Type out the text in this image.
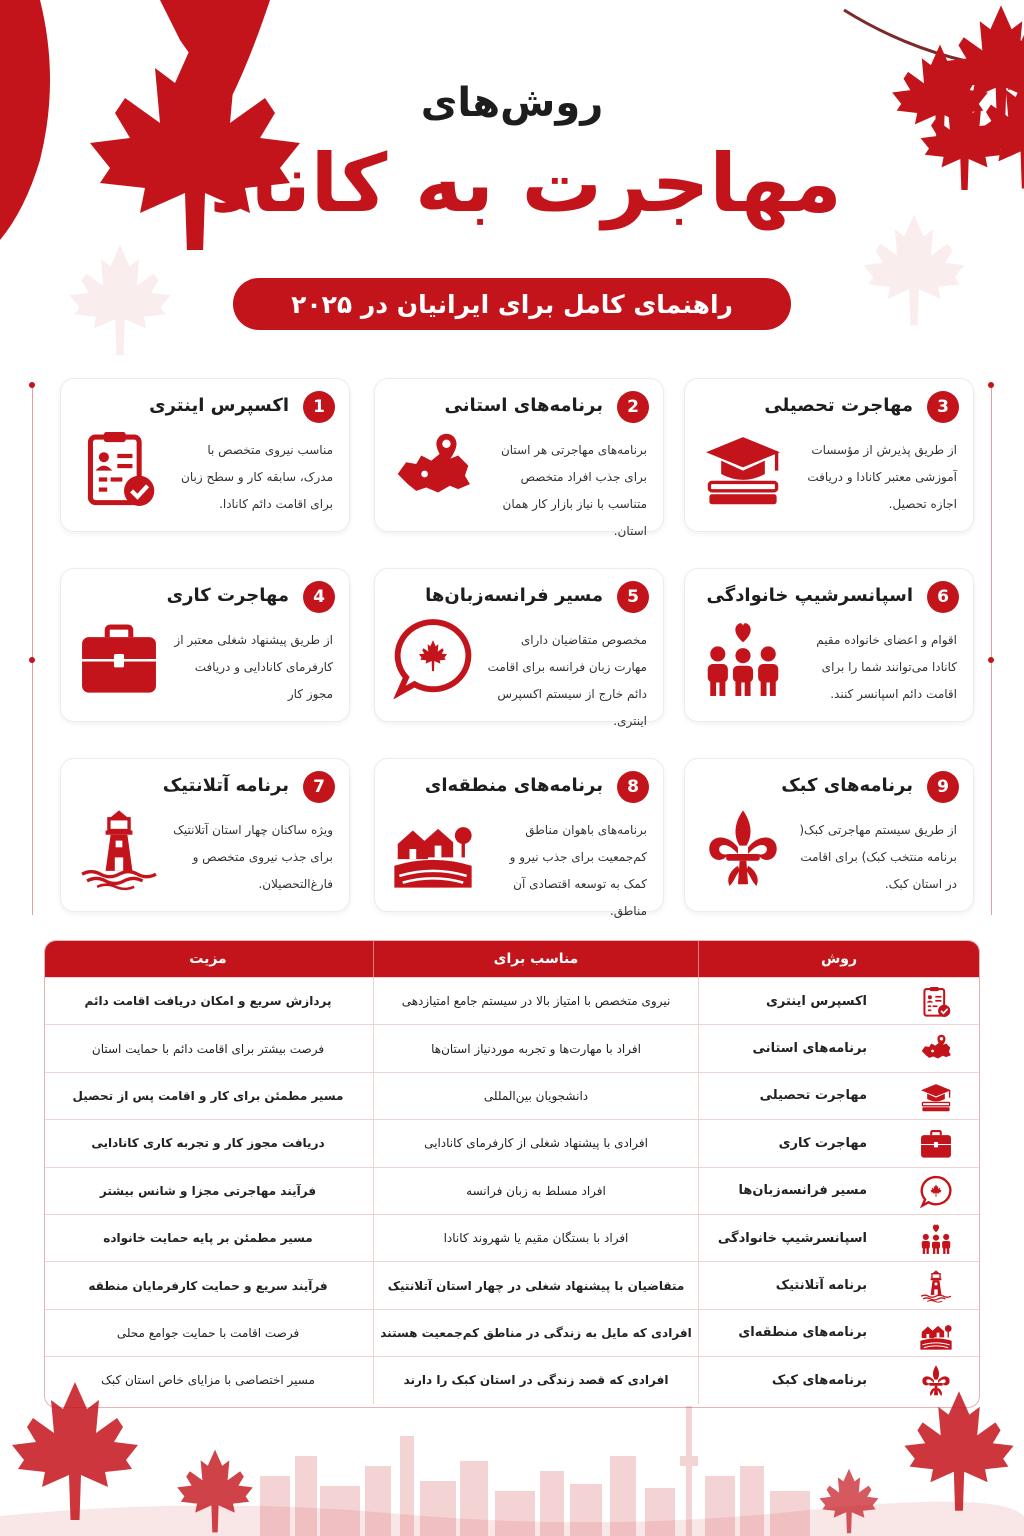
روش‌های
مهاجرت به کانادا
راهنمای کامل برای ایرانیان در ۲۰۲۵
1
اکسپرس اینتری
مناسب نیروی متخصص با مدرک، سابقه کار و سطح زبان برای اقامت دائم کانادا.
2
برنامه‌های استانی
برنامه‌های مهاجرتی هر استان برای جذب افراد متخصص متناسب با نیاز بازار کار همان استان.
3
مهاجرت تحصیلی
از طریق پذیرش از مؤسسات آموزشی معتبر کانادا و دریافت اجازه تحصیل.
4
مهاجرت کاری
از طریق پیشنهاد شغلی معتبر از کارفرمای کانادایی و دریافت مجوز کار
5
مسیر فرانسه‌زبان‌ها
مخصوص متقاضیان دارای مهارت زبان فرانسه برای اقامت دائم خارج از سیستم اکسپرس اینتری.
6
اسپانسرشیپ خانوادگی
اقوام و اعضای خانواده مقیم کانادا می‌توانند شما را برای اقامت دائم اسپانسر کنند.
7
برنامه آتلانتیک
ویژه ساکنان چهار استان آتلانتیک برای جذب نیروی متخصص و فارغ‌التحصیلان.
8
برنامه‌های منطقه‌ای
برنامه‌های باهوان مناطق کم‌جمعیت برای جذب نیرو و کمک به توسعه اقتصادی آن مناطق.
9
برنامه‌های کبک
از طریق سیستم مهاجرتی کبک( برنامه منتخب کبک) برای اقامت در استان کبک.
روش
مناسب برای
مزیت
اکسپرس اینتری
نیروی متخصص با امتیاز بالا در سیستم جامع امتیازدهی
پردازش سریع و امکان دریافت اقامت دائم
برنامه‌های استانی
افراد با مهارت‌ها و تجربه موردنیاز استان‌ها
فرصت بیشتر برای اقامت دائم با حمایت استان
مهاجرت تحصیلی
دانشجویان بین‌المللی
مسیر مطمئن برای کار و اقامت پس از تحصیل
مهاجرت کاری
افرادی با پیشنهاد شغلی از کارفرمای کانادایی
دریافت مجوز کار و تجربه کاری کانادایی
مسیر فرانسه‌زبان‌ها
افراد مسلط به زبان فرانسه
فرآیند مهاجرتی مجزا و شانس بیشتر
اسپانسرشیپ خانوادگی
افراد با بستگان مقیم یا شهروند کانادا
مسیر مطمئن بر پایه حمایت خانواده
برنامه آتلانتیک
متقاضیان با پیشنهاد شغلی در چهار استان آتلانتیک
فرآیند سریع و حمایت کارفرمایان منطقه
برنامه‌های منطقه‌ای
افرادی که مایل به زندگی در مناطق کم‌جمعیت هستند
فرصت اقامت با حمایت جوامع محلی
برنامه‌های کبک
افرادی که قصد زندگی در استان کبک را دارند
مسیر اختصاصی با مزایای خاص استان کبک
